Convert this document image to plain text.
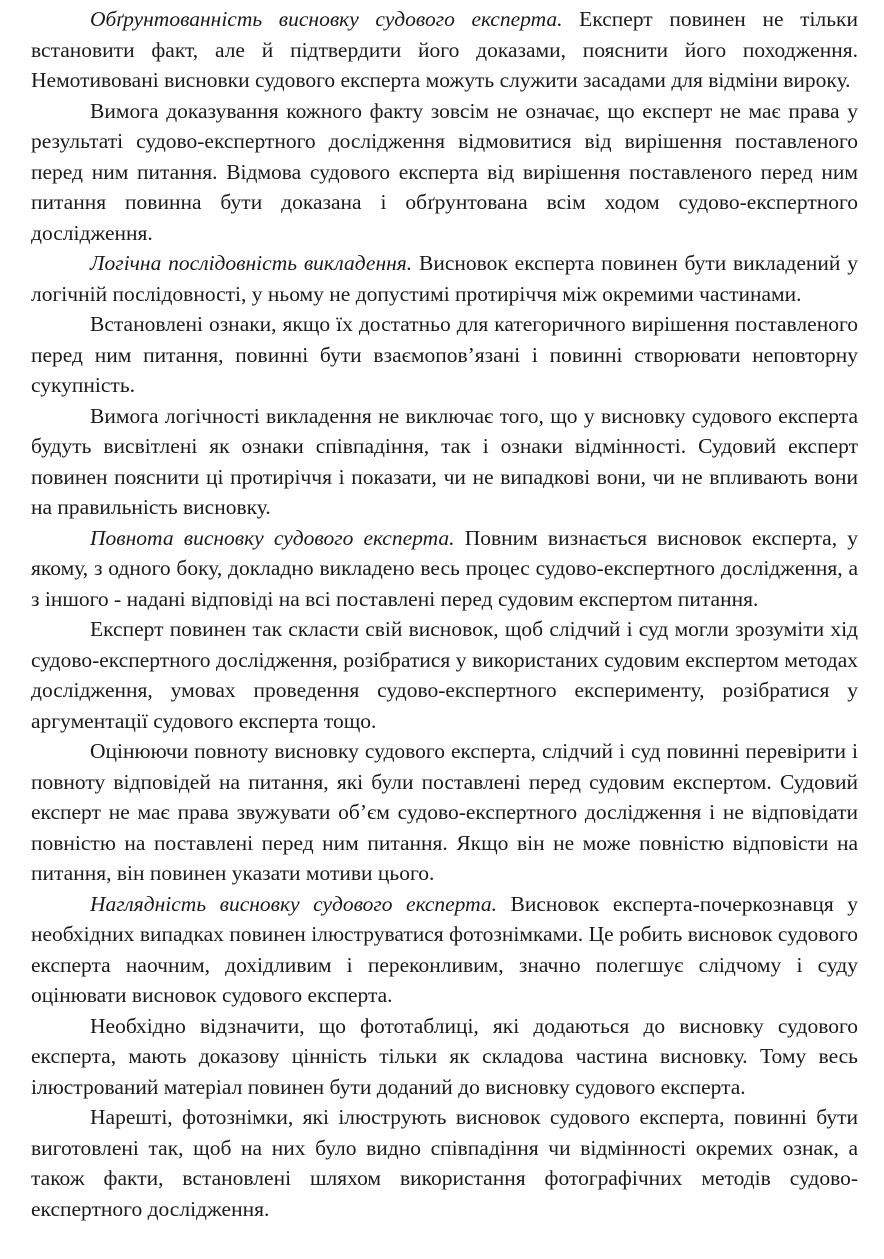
Обґрунтованність висновку судового експерта. Експерт повинен не тільки встановити факт, але й підтвердити його доказами, пояснити його походження. Немотивовані висновки судового експерта можуть служити засадами для відміни вироку.

Вимога доказування кожного факту зовсім не означає, що експерт не має права у результаті судово-експертного дослідження відмовитися від вирішення поставленого перед ним питання. Відмова судового експерта від вирішення поставленого перед ним питання повинна бути доказана і обґрунтована всім ходом судово-експертного дослідження.

Логічна послідовність викладення. Висновок експерта повинен бути викладений у логічній послідовності, у ньому не допустимі протиріччя між окремими частинами.

Встановлені ознаки, якщо їх достатньо для категоричного вирішення поставленого перед ним питання, повинні бути взаємопов’язані і повинні створювати неповторну сукупність.

Вимога логічності викладення не виключає того, що у висновку судового експерта будуть висвітлені як ознаки співпадіння, так і ознаки відмінності. Судовий експерт повинен пояснити ці протиріччя і показати, чи не випадкові вони, чи не впливають вони на правильність висновку.

Повнота висновку судового експерта. Повним визнається висновок експерта, у якому, з одного боку, докладно викладено весь процес судово-експертного дослідження, а з іншого - надані відповіді на всі поставлені перед судовим експертом питання.

Експерт повинен так скласти свій висновок, щоб слідчий і суд могли зрозуміти хід судово-експертного дослідження, розібратися у використаних судовим експертом методах дослідження, умовах проведення судово-експертного експерименту, розібратися у аргументації судового експерта тощо.

Оцінюючи повноту висновку судового експерта, слідчий і суд повинні перевірити і повноту відповідей на питання, які були поставлені перед судовим експертом. Судовий експерт не має права звужувати об’єм судово-експертного дослідження і не відповідати повністю на поставлені перед ним питання. Якщо він не може повністю відповісти на питання, він повинен указати мотиви цього.

Наглядність висновку судового експерта. Висновок експерта-почеркознавця у необхідних випадках повинен ілюструватися фотознімками. Це робить висновок судового експерта наочним, дохідливим і переконливим, значно полегшує слідчому і суду оцінювати висновок судового експерта.

Необхідно відзначити, що фототаблиці, які додаються до висновку судового експерта, мають доказову цінність тільки як складова частина висновку. Тому весь ілюстрований матеріал повинен бути доданий до висновку судового експерта.

Нарешті, фотознімки, які ілюструють висновок судового експерта, повинні бути виготовлені так, щоб на них було видно співпадіння чи відмінності окремих ознак, а також факти, встановлені шляхом використання фотографічних методів судово-експертного дослідження.
